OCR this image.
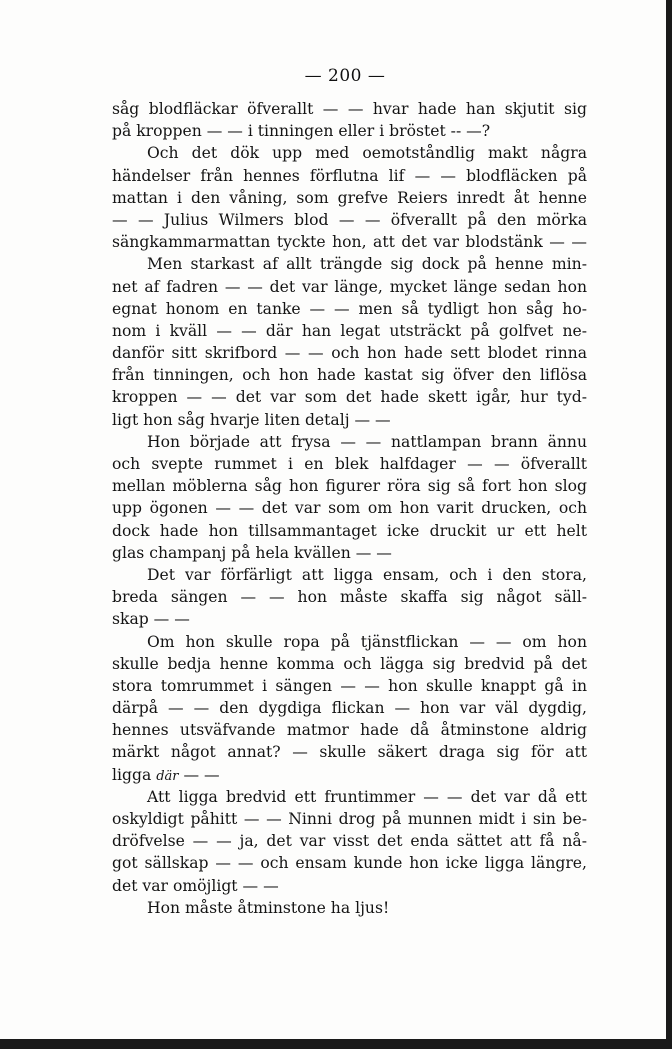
— 200 —
såg blodfläckar öfverallt — — hvar hade han skjutit sig
på kroppen — — i tinningen eller i bröstet -- —?
Och det dök upp med oemotståndlig makt några
händelser från hennes förflutna lif — — blodfläcken på
mattan i den våning, som grefve Reiers inredt åt henne
— — Julius Wilmers blod — — öfverallt på den mörka
sängkammarmattan tyckte hon, att det var blodstänk — —
Men starkast af allt trängde sig dock på henne min-
net af fadren — — det var länge, mycket länge sedan hon
egnat honom en tanke — — men så tydligt hon såg ho-
nom i kväll — — där han legat utsträckt på golfvet ne-
danför sitt skrifbord — — och hon hade sett blodet rinna
från tinningen, och hon hade kastat sig öfver den liflösa
kroppen — — det var som det hade skett igår, hur tyd-
ligt hon såg hvarje liten detalj — —
Hon började att frysa — — nattlampan brann ännu
och svepte rummet i en blek halfdager — — öfverallt
mellan möblerna såg hon figurer röra sig så fort hon slog
upp ögonen — — det var som om hon varit drucken, och
dock hade hon tillsammantaget icke druckit ur ett helt
glas champanj på hela kvällen — —
Det var förfärligt att ligga ensam, och i den stora,
breda sängen — — hon måste skaffa sig något säll-
skap — —
Om hon skulle ropa på tjänstflickan — — om hon
skulle bedja henne komma och lägga sig bredvid på det
stora tomrummet i sängen — — hon skulle knappt gå in
därpå — — den dygdiga flickan — hon var väl dygdig,
hennes utsväfvande matmor hade då åtminstone aldrig
märkt något annat? — skulle säkert draga sig för att
ligga där — —
Att ligga bredvid ett fruntimmer — — det var då ett
oskyldigt påhitt — — Ninni drog på munnen midt i sin be-
dröfvelse — — ja, det var visst det enda sättet att få nå-
got sällskap — — och ensam kunde hon icke ligga längre,
det var omöjligt — —
Hon måste åtminstone ha ljus!
